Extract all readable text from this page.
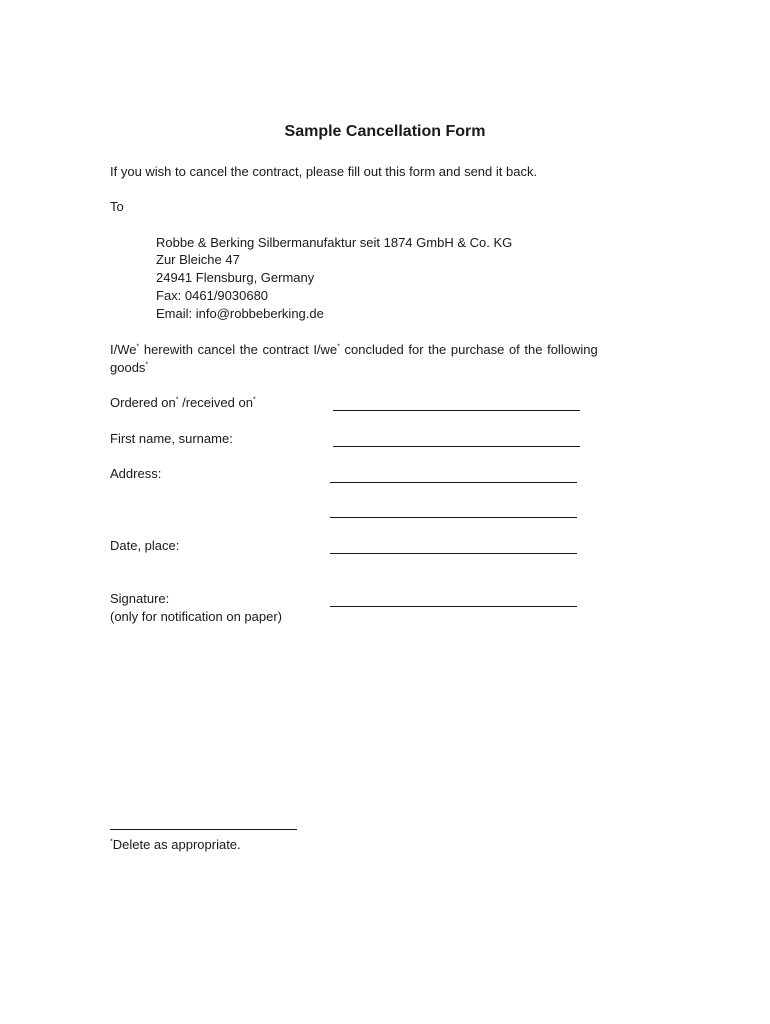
Sample Cancellation Form
If you wish to cancel the contract, please fill out this form and send it back.
To
Robbe & Berking Silbermanufaktur seit 1874 GmbH & Co. KG
Zur Bleiche 47
24941 Flensburg, Germany
Fax: 0461/9030680
Email: info@robbeberking.de
I/We* herewith cancel the contract I/we* concluded for the purchase of the following
goods*
Ordered on* /received on*
First name, surname:
Address:
Date, place:
Signature:
(only for notification on paper)
*Delete as appropriate.
